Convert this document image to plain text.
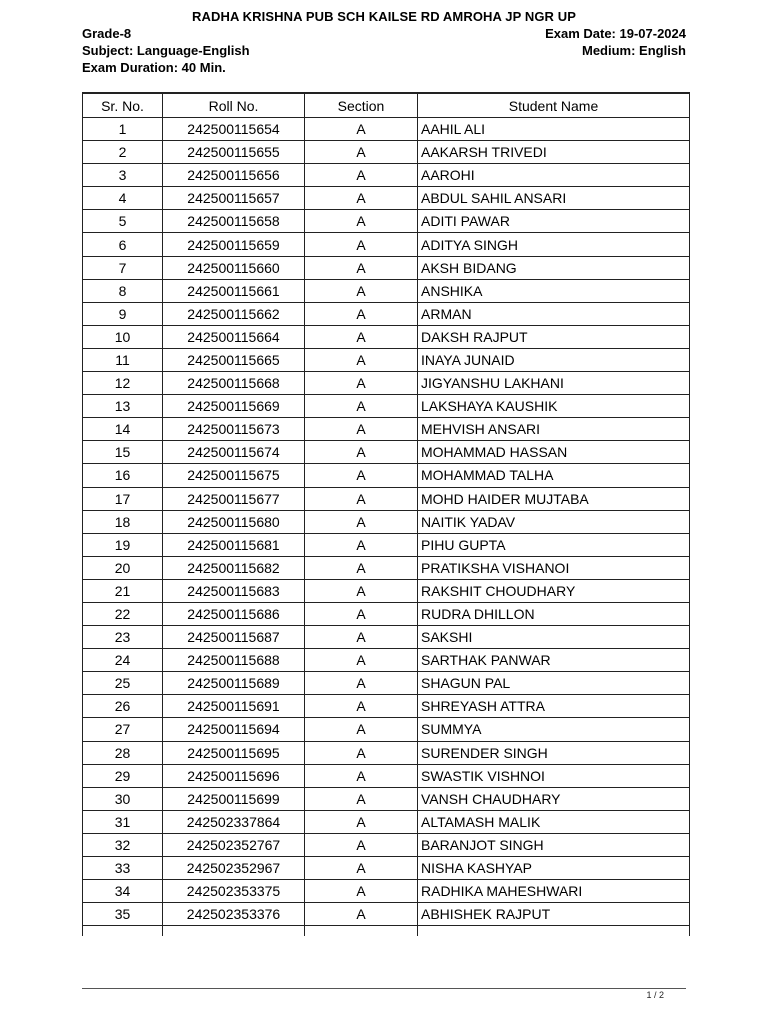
RADHA KRISHNA PUB SCH KAILSE RD AMROHA JP NGR UP
Grade-8
Subject: Language-English
Exam Duration: 40 Min.
Exam Date: 19-07-2024
Medium: English
Sr. No.	Roll No.	Section	Student Name
1	242500115654	A	AAHIL ALI
2	242500115655	A	AAKARSH TRIVEDI
3	242500115656	A	AAROHI
4	242500115657	A	ABDUL SAHIL ANSARI
5	242500115658	A	ADITI PAWAR
6	242500115659	A	ADITYA SINGH
7	242500115660	A	AKSH BIDANG
8	242500115661	A	ANSHIKA
9	242500115662	A	ARMAN
10	242500115664	A	DAKSH RAJPUT
11	242500115665	A	INAYA JUNAID
12	242500115668	A	JIGYANSHU LAKHANI
13	242500115669	A	LAKSHAYA KAUSHIK
14	242500115673	A	MEHVISH ANSARI
15	242500115674	A	MOHAMMAD HASSAN
16	242500115675	A	MOHAMMAD TALHA
17	242500115677	A	MOHD HAIDER MUJTABA
18	242500115680	A	NAITIK YADAV
19	242500115681	A	PIHU GUPTA
20	242500115682	A	PRATIKSHA VISHANOI
21	242500115683	A	RAKSHIT CHOUDHARY
22	242500115686	A	RUDRA DHILLON
23	242500115687	A	SAKSHI
24	242500115688	A	SARTHAK PANWAR
25	242500115689	A	SHAGUN PAL
26	242500115691	A	SHREYASH ATTRA
27	242500115694	A	SUMMYA
28	242500115695	A	SURENDER SINGH
29	242500115696	A	SWASTIK VISHNOI
30	242500115699	A	VANSH CHAUDHARY
31	242502337864	A	ALTAMASH MALIK
32	242502352767	A	BARANJOT SINGH
33	242502352967	A	NISHA KASHYAP
34	242502353375	A	RADHIKA MAHESHWARI
35	242502353376	A	ABHISHEK RAJPUT

1 / 2
